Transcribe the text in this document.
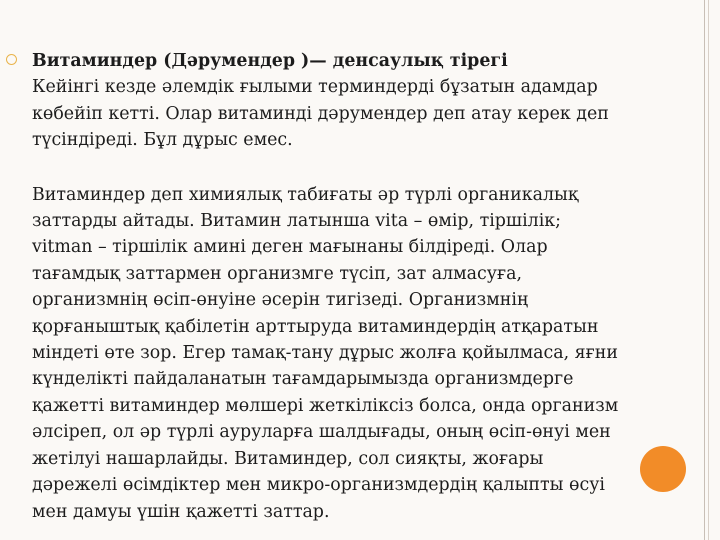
Витаминдер (Дәрумендер )— денсаулық тірегі

Кейінгі кезде әлемдік ғылыми терминдерді бұзатын адамдар

көбейіп кетті. Олар витаминді дәрумендер деп атау керек деп

түсіндіреді. Бұл дұрыс емес.

Витаминдер деп химиялық табиғаты әр түрлі органикалық

заттарды айтады. Витамин латынша vita – өмір, тіршілік;

vitman – тіршілік амині деген мағынаны білдіреді. Олар

тағамдық заттармен организмге түсіп, зат алмасуға,

организмнің өсіп-өнуіне әсерін тигізеді. Организмнің

қорғаныштық қабілетін арттыруда витаминдердің атқаратын

міндеті өте зор. Егер тамақ-тану дұрыс жолға қойылмаса, яғни

күнделікті пайдаланатын тағамдарымызда организмдерге

қажетті витаминдер мөлшері жеткіліксіз болса, онда организм

әлсіреп, ол әр түрлі ауруларға шалдығады, оның өсіп-өнуі мен

жетілуі нашарлайды. Витаминдер, сол сияқты, жоғары

дәрежелі өсімдіктер мен микро-организмдердің қалыпты өсуі

мен дамуы үшін қажетті заттар.
